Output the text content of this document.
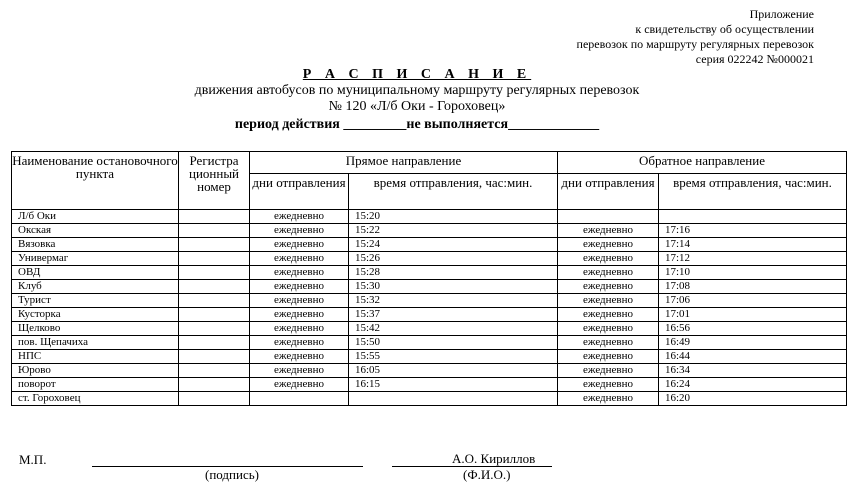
Приложение
к свидетельству об осуществлении
перевозок по маршруту регулярных перевозок
серия 022242 №000021
Р А С П И С А Н И Е
движения автобусов по муниципальному маршруту регулярных перевозок
№ 120 «Л/б Оки - Гороховец»
период действия _________не выполняется_____________
Наименование остановочного пункта	Регистра ционный номер	Прямое направление		Обратное направление	
		дни отправления	время отправления, час:мин.	дни отправления	время отправления, час:мин.
Л/б Оки		ежедневно	15:20		
Окская		ежедневно	15:22	ежедневно	17:16
Вязовка		ежедневно	15:24	ежедневно	17:14
Универмаг		ежедневно	15:26	ежедневно	17:12
ОВД		ежедневно	15:28	ежедневно	17:10
Клуб		ежедневно	15:30	ежедневно	17:08
Турист		ежедневно	15:32	ежедневно	17:06
Кусторка		ежедневно	15:37	ежедневно	17:01
Щелково		ежедневно	15:42	ежедневно	16:56
пов. Щепачиха		ежедневно	15:50	ежедневно	16:49
НПС		ежедневно	15:55	ежедневно	16:44
Юрово		ежедневно	16:05	ежедневно	16:34
поворот		ежедневно	16:15	ежедневно	16:24
ст. Гороховец				ежедневно	16:20
М.П.	А.О. Кириллов
(подпись)	(Ф.И.О.)
